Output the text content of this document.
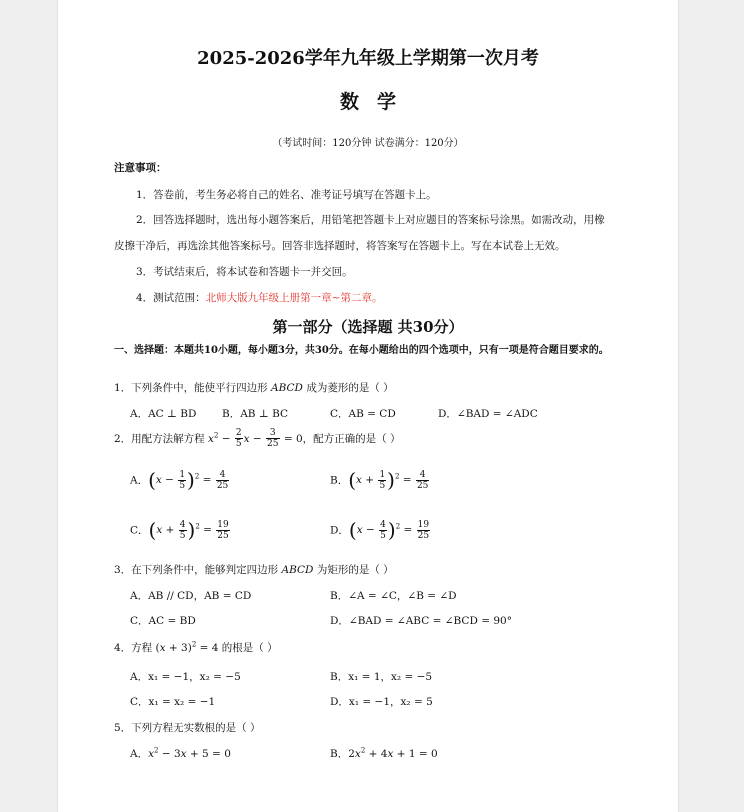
2025-2026学年九年级上学期第一次月考
数学
（考试时间：120分钟 试卷满分：120分）
注意事项：
1．答卷前，考生务必将自己的姓名、准考证号填写在答题卡上。
2．回答选择题时，选出每小题答案后，用铅笔把答题卡上对应题目的答案标号涂黑。如需改动，用橡
皮擦干净后，再选涂其他答案标号。回答非选择题时，将答案写在答题卡上。写在本试卷上无效。
3．考试结束后，将本试卷和答题卡一并交回。
4．测试范围：北师大版九年级上册第一章~第二章。
第一部分（选择题 共30分）
一、选择题：本题共10小题，每小题3分，共30分。在每小题给出的四个选项中，只有一项是符合题目要求的。
1．下列条件中，能使平行四边形 ABCD 成为菱形的是（ ）
A．AC ⊥ BD B．AB ⊥ BC	C．AB = CD	D．∠BAD = ∠ADC
2．用配方法解方程 $x^2 - \frac{2}{5}$ $x - \frac{3}{25} = 0$，配方正确的是（ ）
A．$(x - \frac{1}{5} )^2 = \frac{4}{25}$	B．$(x + \frac{1}{5} )^2 = \frac{4}{25}$
C．$(x + \frac{4}{5} )^2 = \frac{19}{25}$	D．$(x - \frac{4}{5} )^2 = \frac{19}{25}$
3．在下列条件中，能够判定四边形 ABCD 为矩形的是（ ）
A．AB // CD，AB = CD	B．∠A = ∠C，∠B = ∠D
C．AC = BD	D．∠BAD = ∠ABC = ∠BCD = 90°
4．方程 $(x + 3)^2 = 4$ 的根是（ ）
A．x₁ = −1，x₂ = −5	B．x₁ = 1，x₂ = −5
C．x₁ = x₂ = −1	D．x₁ = −1，x₂ = 5
5．下列方程无实数根的是（ ）
A．$x^2 - 3x + 5 = 0$	B．$2x^2 + 4x + 1 = 0$
